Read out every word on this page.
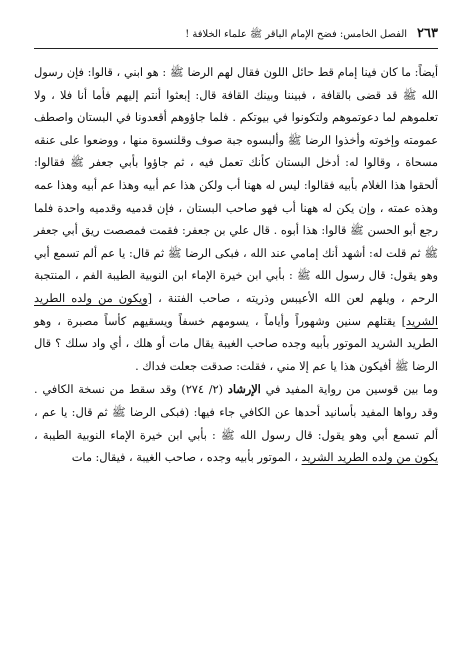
٢٦٣
الفصل الخامس: فضح الإمام الباقر ﷺ علماء الخلافة !

أيضاً: ما كان فينا إمام قط حائل اللون فقال لهم الرضا ﷺ : هو ابني ، قالوا: فإن رسول الله ﷺ قد قضى بالقافة ، فبيننا وبينك القافة قال: إبعثوا أنتم إليهم فأما أنا فلا ، ولا تعلموهم لما دعوتموهم ولتكونوا في بيوتكم . فلما جاؤوهم أقعدونا في البستان واصطف عمومته وإخوته وأخذوا الرضا ﷺ وألبسوه جبة صوف وقلنسوة منها ، ووضعوا على عنقه مسحاة ، وقالوا له: أدخل البستان كأنك تعمل فيه ، ثم جاؤوا بأبي جعفر ﷺ فقالوا: ألحقوا هذا الغلام بأبيه فقالوا: ليس له ههنا أب ولكن هذا عم أبيه وهذا عم أبيه وهذا عمه وهذه عمته ، وإن يكن له ههنا أب فهو صاحب البستان ، فإن قدميه وقدميه واحدة فلما رجع أبو الحسن ﷺ قالوا: هذا أبوه . قال علي بن جعفر: فقمت فمصصت ريق أبي جعفر ﷺ ثم قلت له: أشهد أنك إمامي عند الله ، فبكى الرضا ﷺ ثم قال: يا عم ألم تسمع أبي وهو يقول: قال رسول الله ﷺ : بأبي ابن خيرة الإماء ابن النوبية الطيبة الفم ، المنتجبة الرحم ، ويلهم لعن الله الأعيبس وذريته ، صاحب الفتنة ، [ويكون من ولده الطريد الشريد] يقتلهم سنين وشهوراً وأياماً ، يسومهم خسفاً ويسقيهم كأساً مصبرة ، وهو الطريد الشريد الموتور بأبيه وجده صاحب الغيبة يقال مات أو هلك ، أي واد سلك ؟ قال الرضا ﷺ أفيكون هذا يا عم إلا مني ، فقلت: صدقت جعلت فداك .

وما بين قوسين من رواية المفيد في الإرشاد (٢/ ٢٧٤) وقد سقط من نسخة الكافي . وقد رواها المفيد بأسانيد أحدها عن الكافي جاء فيها: (فبكى الرضا ﷺ ثم قال: يا عم ، ألم تسمع أبي وهو يقول: قال رسول الله ﷺ : بأبي ابن خيرة الإماء النوبية الطيبة ، يكون من ولده الطريد الشريد ، الموتور بأبيه وجده ، صاحب الغيبة ، فيقال: مات
